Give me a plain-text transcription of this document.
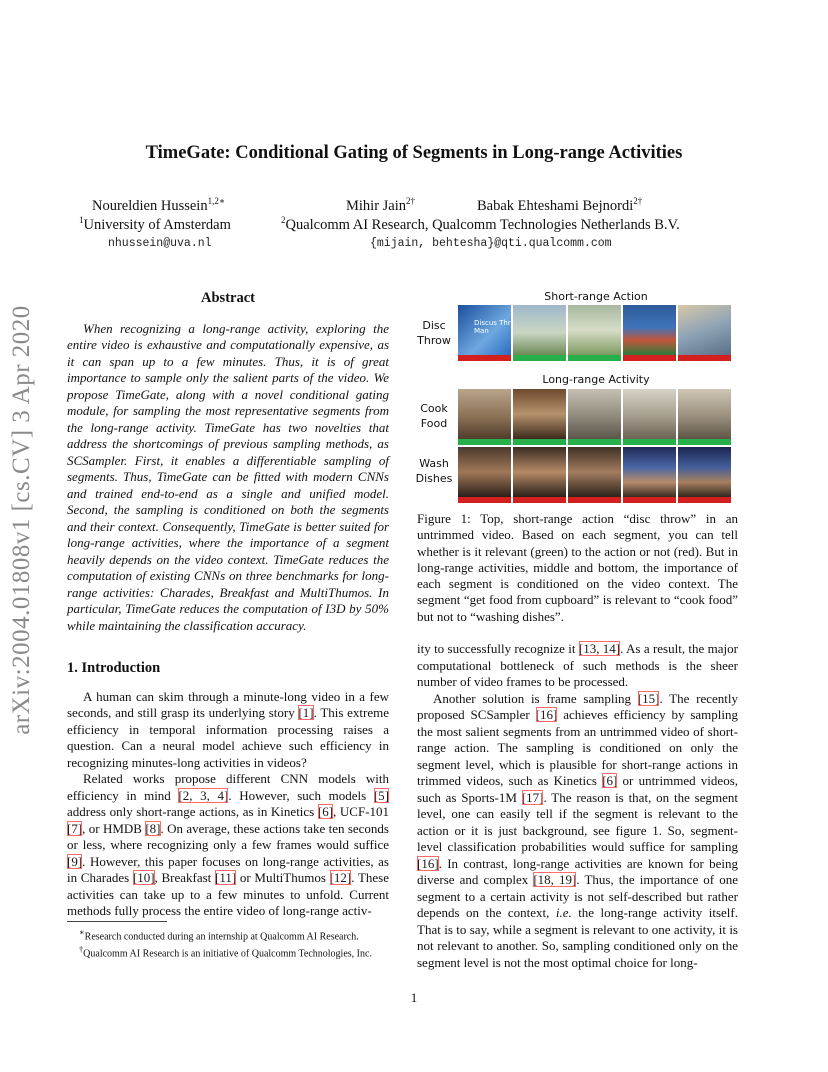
arXiv:2004.01808v1 [cs.CV] 3 Apr 2020
TimeGate: Conditional Gating of Segments in Long-range Activities
Noureldien Hussein$^{1,2∗}$
$^1$University of Amsterdam
nhussein@uva.nl
Mihir Jain$^{2\dagger}$	Babak Ehteshami Bejnordi$^{2\dagger}$
$^2$Qualcomm AI Research, Qualcomm Technologies Netherlands B.V.
{mijain, behtesha}@qti.qualcomm.com
Abstract

When recognizing a long-range activity, exploring the entire video is exhaustive and computationally expensive, as it can span up to a few minutes. Thus, it is of great importance to sample only the salient parts of the video. We propose TimeGate, along with a novel conditional gating module, for sampling the most representative segments from the long-range activity. TimeGate has two novelties that address the shortcomings of previous sampling methods, as SCSampler. First, it enables a differentiable sampling of segments. Thus, TimeGate can be fitted with modern CNNs and trained end-to-end as a single and unified model. Second, the sampling is conditioned on both the segments and their context. Consequently, TimeGate is better suited for long-range activities, where the importance of a segment heavily depends on the video context. TimeGate reduces the computation of existing CNNs on three benchmarks for long-range activities: Charades, Breakfast and MultiThumos. In particular, TimeGate reduces the computation of I3D by 50% while maintaining the classification accuracy.

1. Introduction

A human can skim through a minute-long video in a few seconds, and still grasp its underlying story [1]. This extreme efficiency in temporal information processing raises a question. Can a neural model achieve such efficiency in recognizing minutes-long activities in videos?

Related works propose different CNN models with efficiency in mind [2, 3, 4]. However, such models [5] address only short-range actions, as in Kinetics [6], UCF-101 [7], or HMDB [8]. On average, these actions take ten seconds or less, where recognizing only a few frames would suffice [9]. However, this paper focuses on long-range activities, as in Charades [10], Breakfast [11] or MultiThumos [12]. These activities can take up to a few minutes to unfold. Current methods fully process the entire video of long-range activ-

∗Research conducted during an internship at Qualcomm AI Research.
†Qualcomm AI Research is an initiative of Qualcomm Technologies, Inc.
Short-range Action
Disc
Throw
Discus Thr
Man
Long-range Activity
Cook
Food
Wash
Dishes
Figure 1: Top, short-range action “disc throw” in an untrimmed video. Based on each segment, you can tell whether is it relevant (green) to the action or not (red). But in long-range activities, middle and bottom, the importance of each segment is conditioned on the video context. The segment “get food from cupboard” is relevant to “cook food” but not to “washing dishes”.

ity to successfully recognize it [13, 14]. As a result, the major computational bottleneck of such methods is the sheer number of video frames to be processed.

Another solution is frame sampling [15]. The recently proposed SCSampler [16] achieves efficiency by sampling the most salient segments from an untrimmed video of short-range action. The sampling is conditioned on only the segment level, which is plausible for short-range actions in trimmed videos, such as Kinetics [6] or untrimmed videos, such as Sports-1M [17]. The reason is that, on the segment level, one can easily tell if the segment is relevant to the action or it is just background, see figure 1. So, segment-level classification probabilities would suffice for sampling [16]. In contrast, long-range activities are known for being diverse and complex [18, 19]. Thus, the importance of one segment to a certain activity is not self-described but rather depends on the context, i.e. the long-range activity itself. That is to say, while a segment is relevant to one activity, it is not relevant to another. So, sampling conditioned only on the segment level is not the most optimal choice for long-

1
